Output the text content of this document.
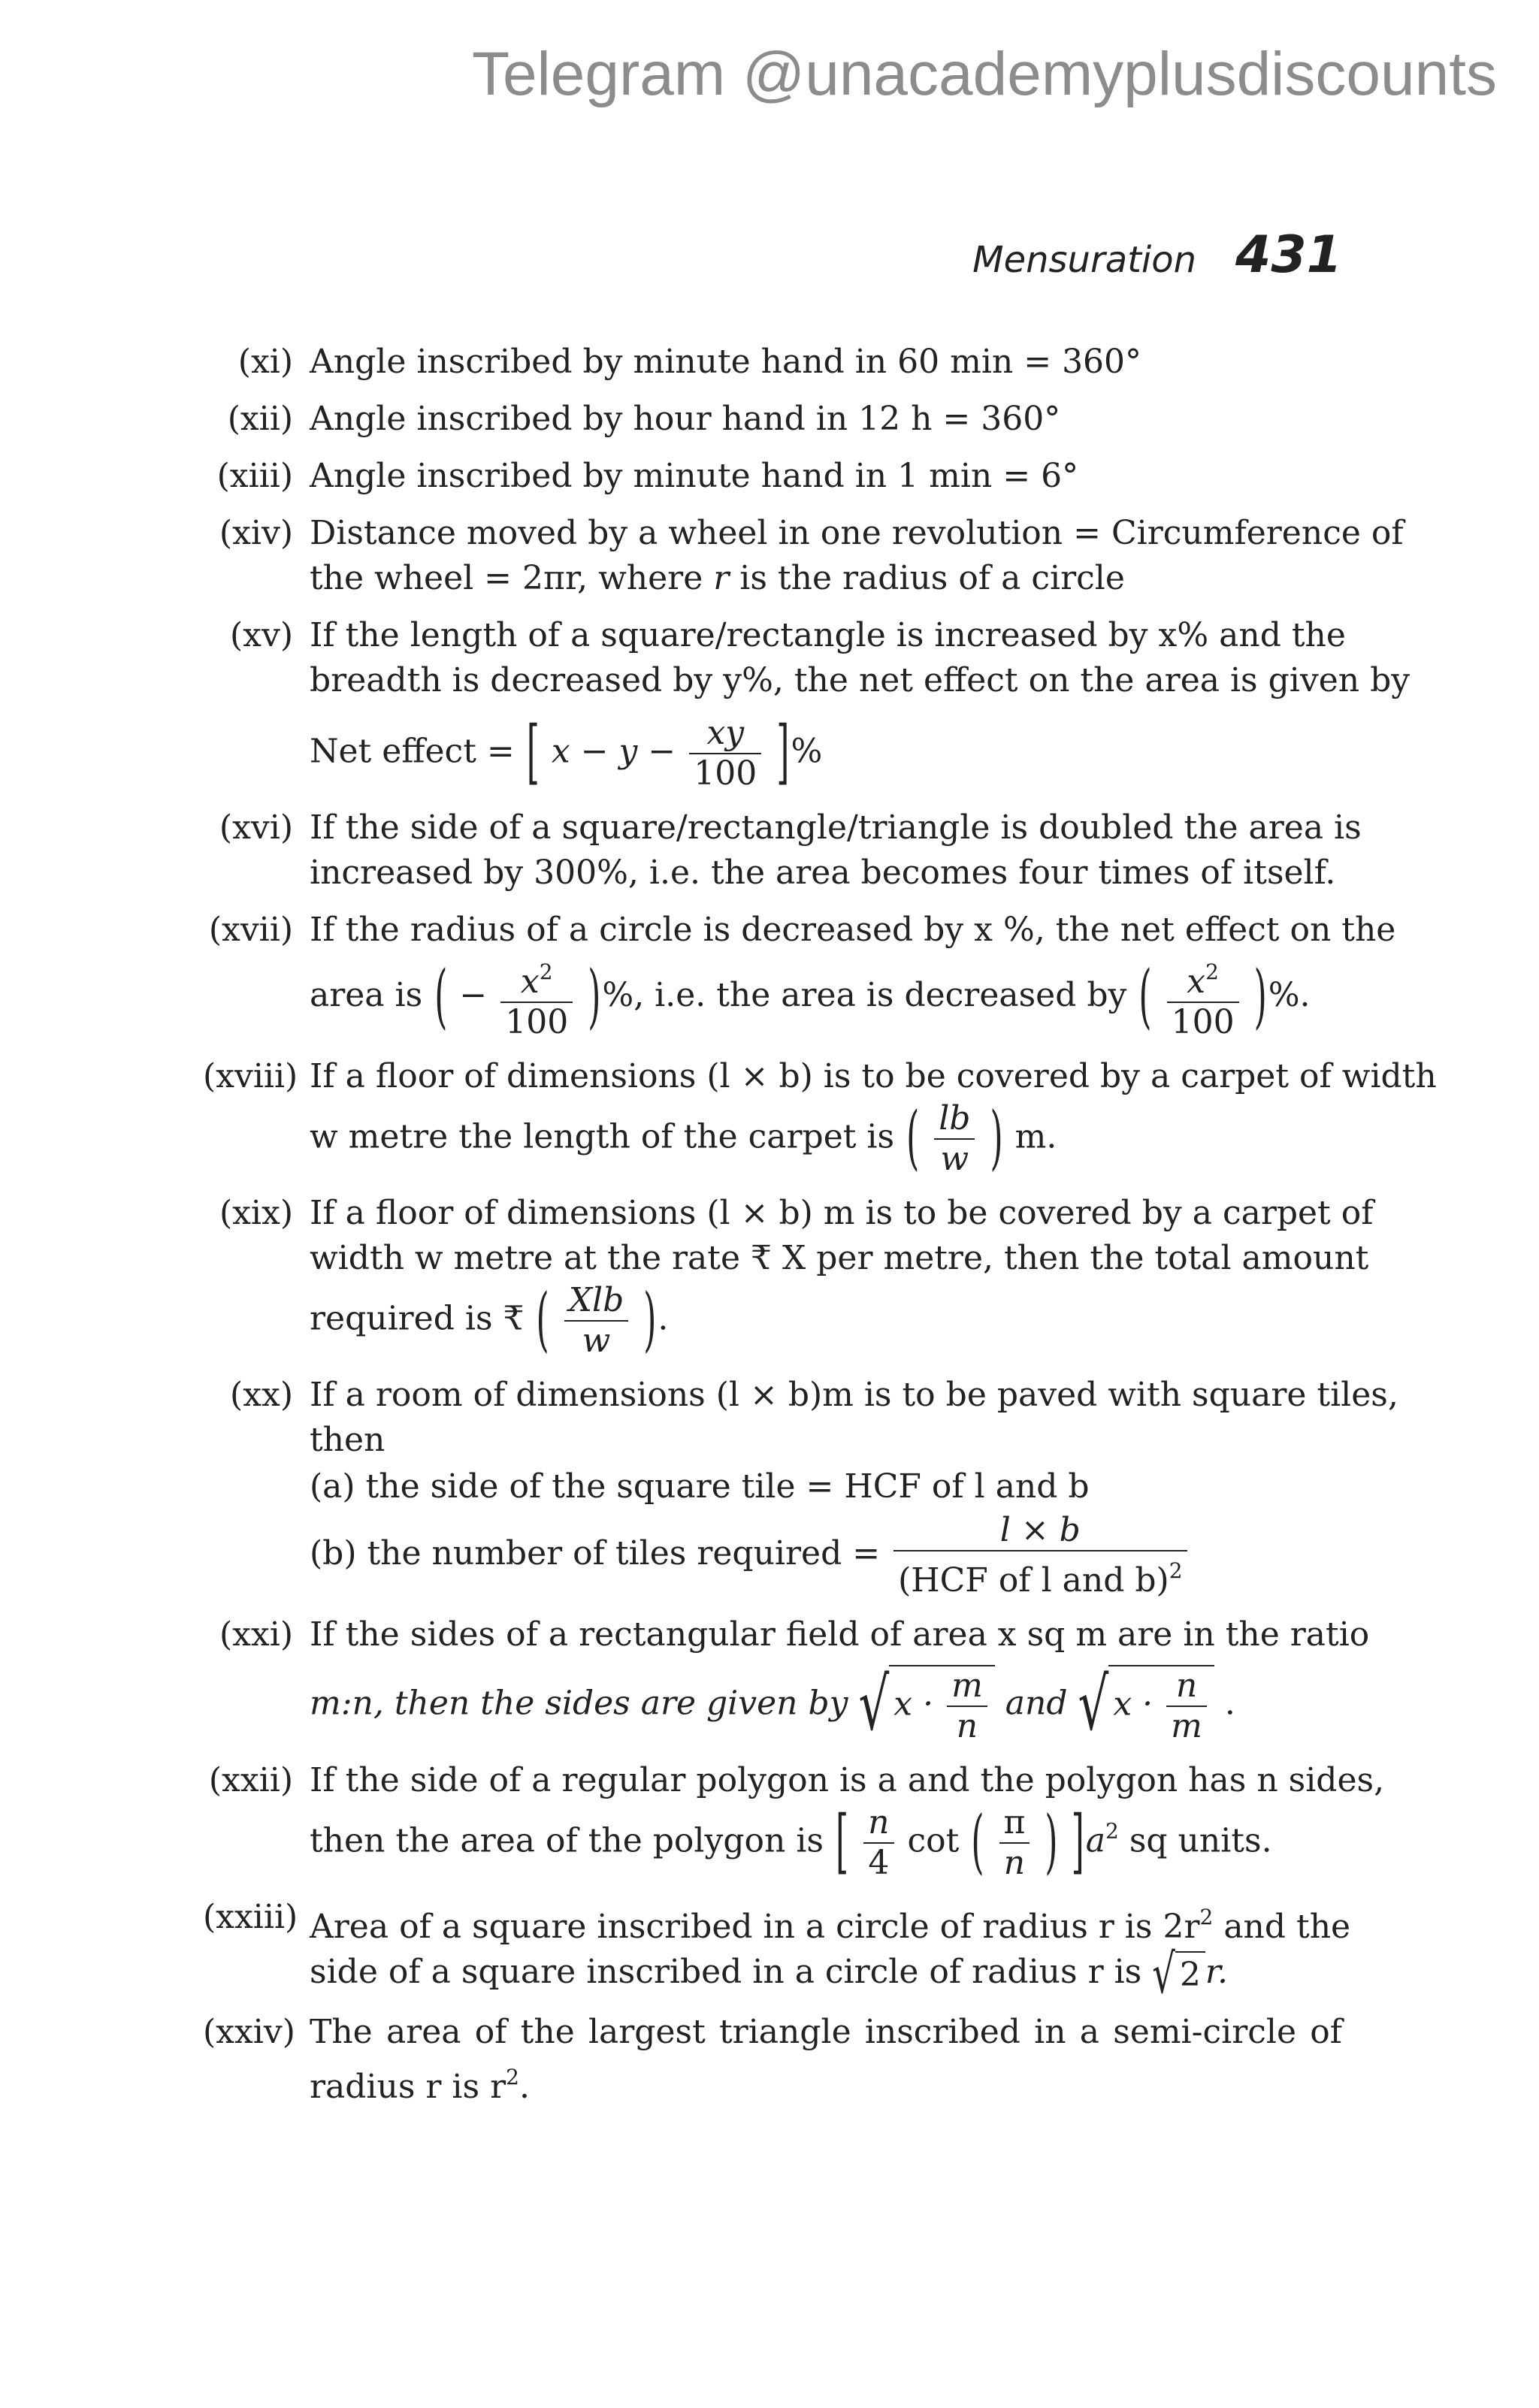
Telegram @unacademyplusdiscounts
Mensuration 431
(xi) Angle inscribed by minute hand in 60 min = 360°
(xii) Angle inscribed by hour hand in 12 h = 360°
(xiii) Angle inscribed by minute hand in 1 min = 6°
(xiv) Distance moved by a wheel in one revolution = Circumference of
the wheel = 2πr, where r is the radius of a circle
(xv) If the length of a square/rectangle is increased by x% and the
breadth is decreased by y%, the net effect on the area is given by
Net effect = [ $x - y - \frac{xy}{100}$ ]%
(xvi) If the side of a square/rectangle/triangle is doubled the area is
increased by 300%, i.e. the area becomes four times of itself.
(xvii) If the radius of a circle is decreased by x %, the net effect on the
area is ( − $\frac{x^2}{100}$ )%, i.e. the area is decreased by ( $\frac{x^2}{100}$ )%.
(xviii) If a floor of dimensions (l × b) is to be covered by a carpet of width
w metre the length of the carpet is ( $\frac{lb}{w}$ ) m.
(xix) If a floor of dimensions (l × b) m is to be covered by a carpet of
width w metre at the rate ₹ X per metre, then the total amount
required is ₹ ( $\frac{\text{Xlb}}{w}$ ).
(xx) If a room of dimensions (l × b)m is to be paved with square tiles,
then
(a) the side of the square tile = HCF of l and b
(b) the number of tiles required = $\frac{l \times b}{(HCF of l and b)^2}$
(xxi) If the sides of a rectangular field of area x sq m are in the ratio
m:n, then the sides are given by √ $x \cdot \frac{m}{n}$ and √ $x \cdot \frac{n}{m}$ .
(xxii) If the side of a regular polygon is a and the polygon has n sides,
then the area of the polygon is [ $\frac{n}{4}$ cot ( $\frac{\pi}{n}$ ) ]$a^2$ sq units.
(xxiii) Area of a square inscribed in a circle of radius r is $2r^2$ and the
side of a square inscribed in a circle of radius r is √ 2 r.
(xxiv) The area of the largest triangle inscribed in a semi-circle of
radius r is $r^2$.
